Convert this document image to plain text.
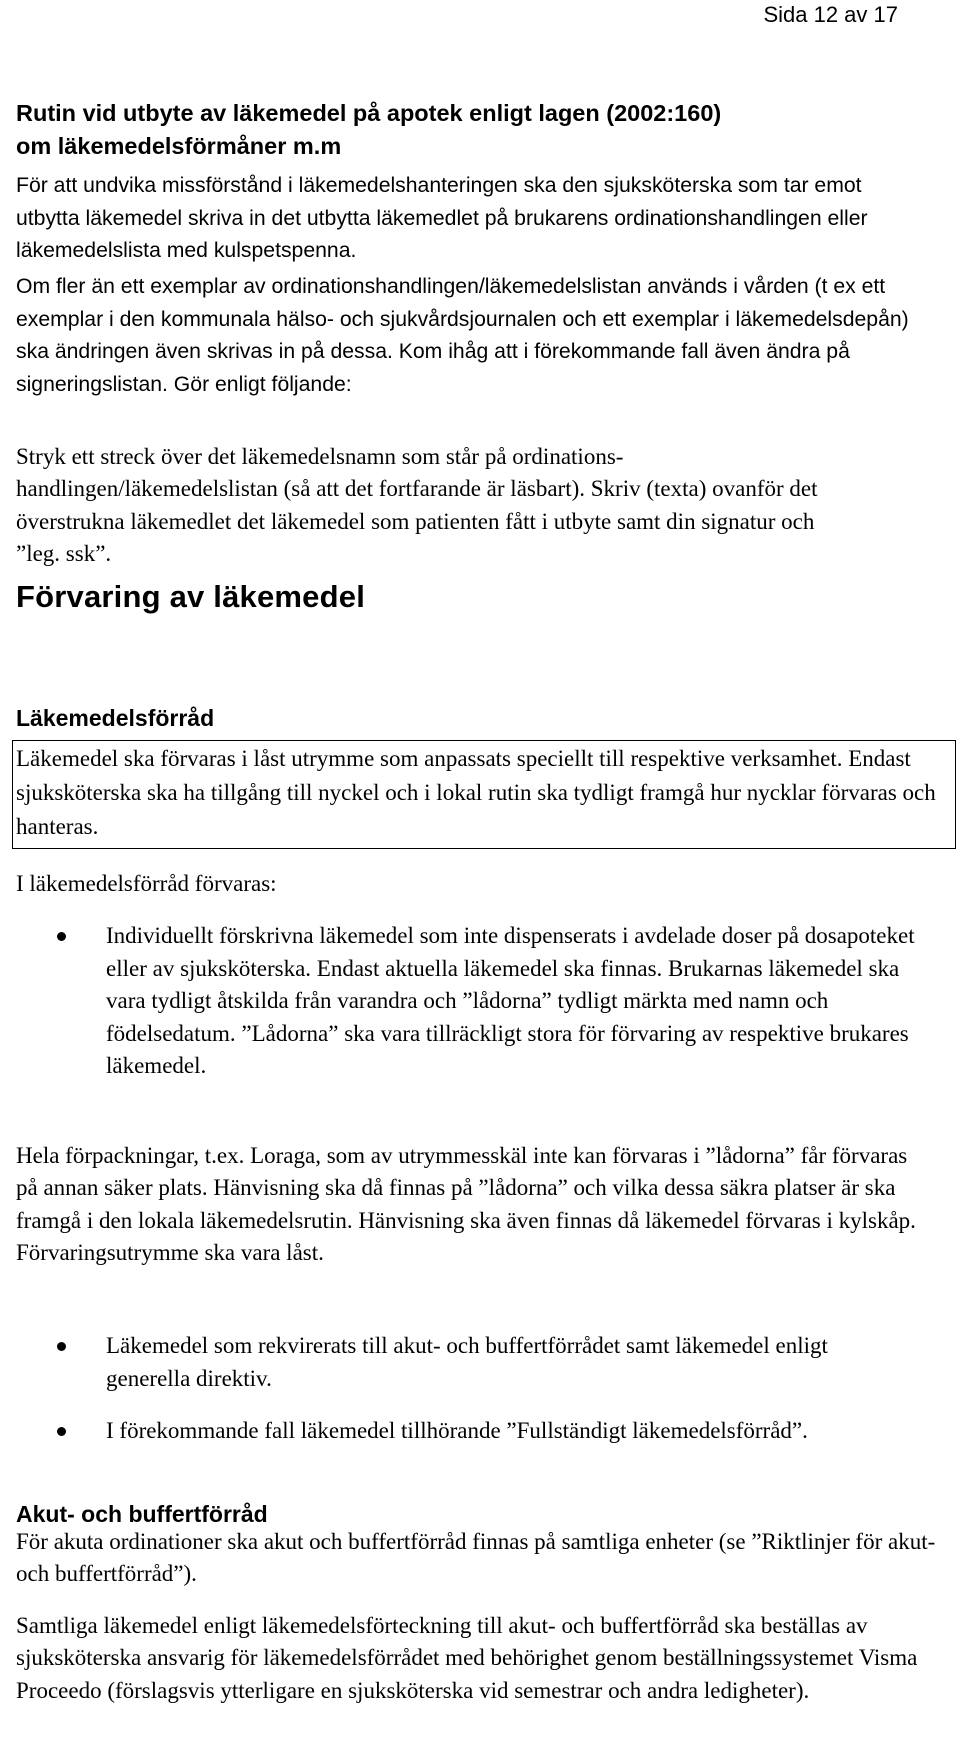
Sida 12 av 17

Rutin vid utbyte av läkemedel på apotek enligt lagen (2002:160)

om läkemedelsförmåner m.m

För att undvika missförstånd i läkemedelshanteringen ska den sjuksköterska som tar emot utbytta läkemedel skriva in det utbytta läkemedlet på brukarens ordinationshandlingen eller läkemedelslista med kulspetspenna.

Om fler än ett exemplar av ordinationshandlingen/läkemedelslistan används i vården (t ex ett exemplar i den kommunala hälso- och sjukvårdsjournalen och ett exemplar i läkemedelsdepån) ska ändringen även skrivas in på dessa. Kom ihåg att i förekommande fall även ändra på signeringslistan. Gör enligt följande:

Stryk ett streck över det läkemedelsnamn som står på ordinations-handlingen/läkemedelslistan (så att det fortfarande är läsbart). Skriv (texta) ovanför det överstrukna läkemedlet det läkemedel som patienten fått i utbyte samt din signatur och ”leg. ssk”.

Förvaring av läkemedel
Läkemedelsförråd
Läkemedel ska förvaras i låst utrymme som anpassats speciellt till respektive verksamhet. Endast sjuksköterska ska ha tillgång till nyckel och i lokal rutin ska tydligt framgå hur nycklar förvaras och hanteras.

I läkemedelsförråd förvaras:

Individuellt förskrivna läkemedel som inte dispenserats i avdelade doser på dosapoteket eller av sjuksköterska. Endast aktuella läkemedel ska finnas. Brukarnas läkemedel ska vara tydligt åtskilda från varandra och ”lådorna” tydligt märkta med namn och födelsedatum. ”Lådorna” ska vara tillräckligt stora för förvaring av respektive brukares läkemedel.

Hela förpackningar, t.ex. Loraga, som av utrymmesskäl inte kan förvaras i ”lådorna” får förvaras på annan säker plats. Hänvisning ska då finnas på ”lådorna” och vilka dessa säkra platser är ska framgå i den lokala läkemedelsrutin. Hänvisning ska även finnas då läkemedel förvaras i kylskåp. Förvaringsutrymme ska vara låst.

Läkemedel som rekvirerats till akut- och buffertförrådet samt läkemedel enligt generella direktiv.
I förekommande fall läkemedel tillhörande ”Fullständigt läkemedelsförråd”.
Akut- och buffertförråd

För akuta ordinationer ska akut och buffertförråd finnas på samtliga enheter (se ”Riktlinjer för akut- och buffertförråd”).

Samtliga läkemedel enligt läkemedelsförteckning till akut- och buffertförråd ska beställas av sjuksköterska ansvarig för läkemedelsförrådet med behörighet genom beställningssystemet Visma Proceedo (förslagsvis ytterligare en sjuksköterska vid semestrar och andra ledigheter).
